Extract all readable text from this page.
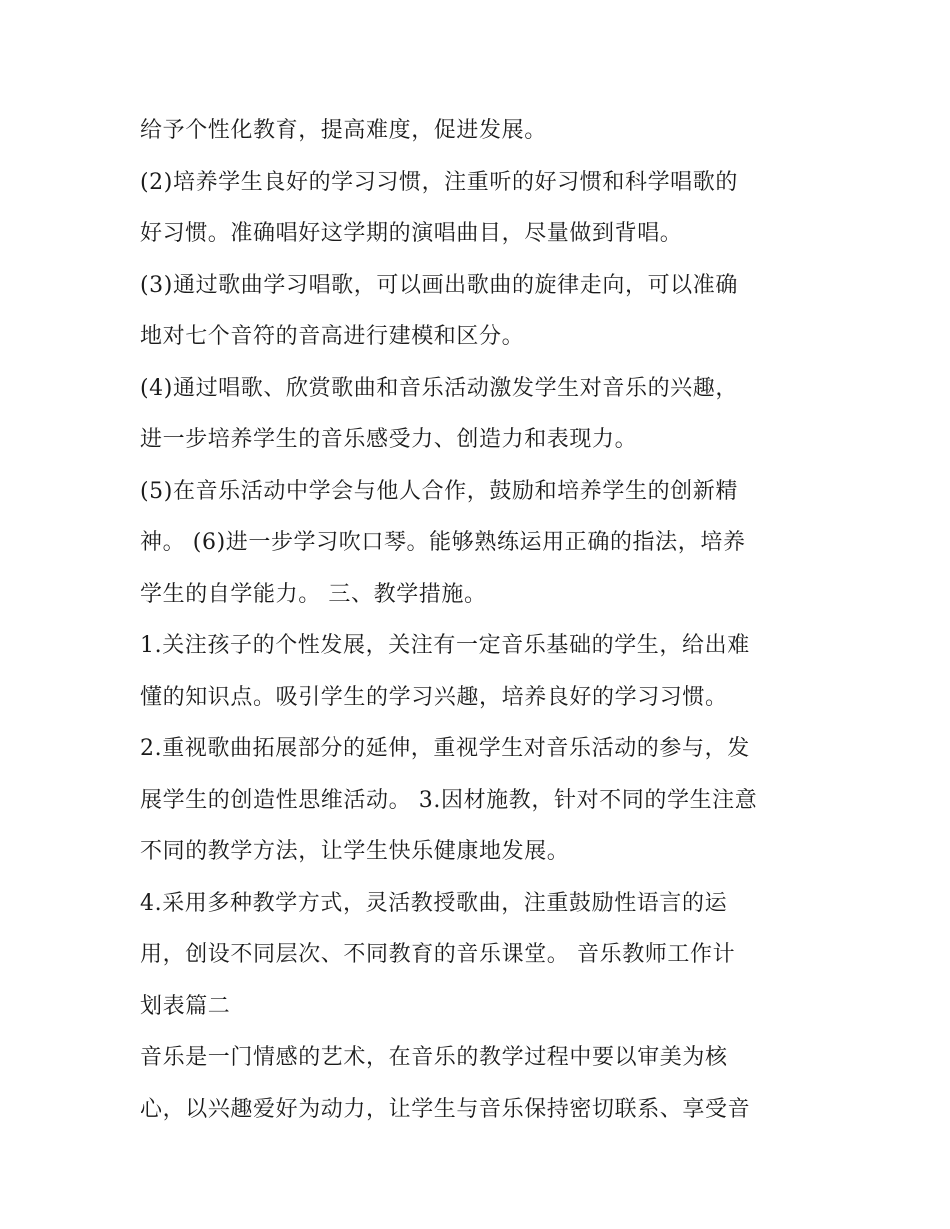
给予个性化教育，提高难度，促进发展。
(2)培养学生良好的学习习惯，注重听的好习惯和科学唱歌的
好习惯。准确唱好这学期的演唱曲目，尽量做到背唱。
(3)通过歌曲学习唱歌，可以画出歌曲的旋律走向，可以准确
地对七个音符的音高进行建模和区分。
(4)通过唱歌、欣赏歌曲和音乐活动激发学生对音乐的兴趣，
进一步培养学生的音乐感受力、创造力和表现力。
(5)在音乐活动中学会与他人合作，鼓励和培养学生的创新精
神。 (6)进一步学习吹口琴。能够熟练运用正确的指法，培养
学生的自学能力。 三、教学措施。
1.关注孩子的个性发展，关注有一定音乐基础的学生，给出难
懂的知识点。吸引学生的学习兴趣，培养良好的学习习惯。
2.重视歌曲拓展部分的延伸，重视学生对音乐活动的参与，发
展学生的创造性思维活动。 3.因材施教，针对不同的学生注意
不同的教学方法，让学生快乐健康地发展。
4.采用多种教学方式，灵活教授歌曲，注重鼓励性语言的运
用，创设不同层次、不同教育的音乐课堂。 音乐教师工作计
划表篇二
音乐是一门情感的艺术，在音乐的教学过程中要以审美为核
心，以兴趣爱好为动力，让学生与音乐保持密切联系、享受音
